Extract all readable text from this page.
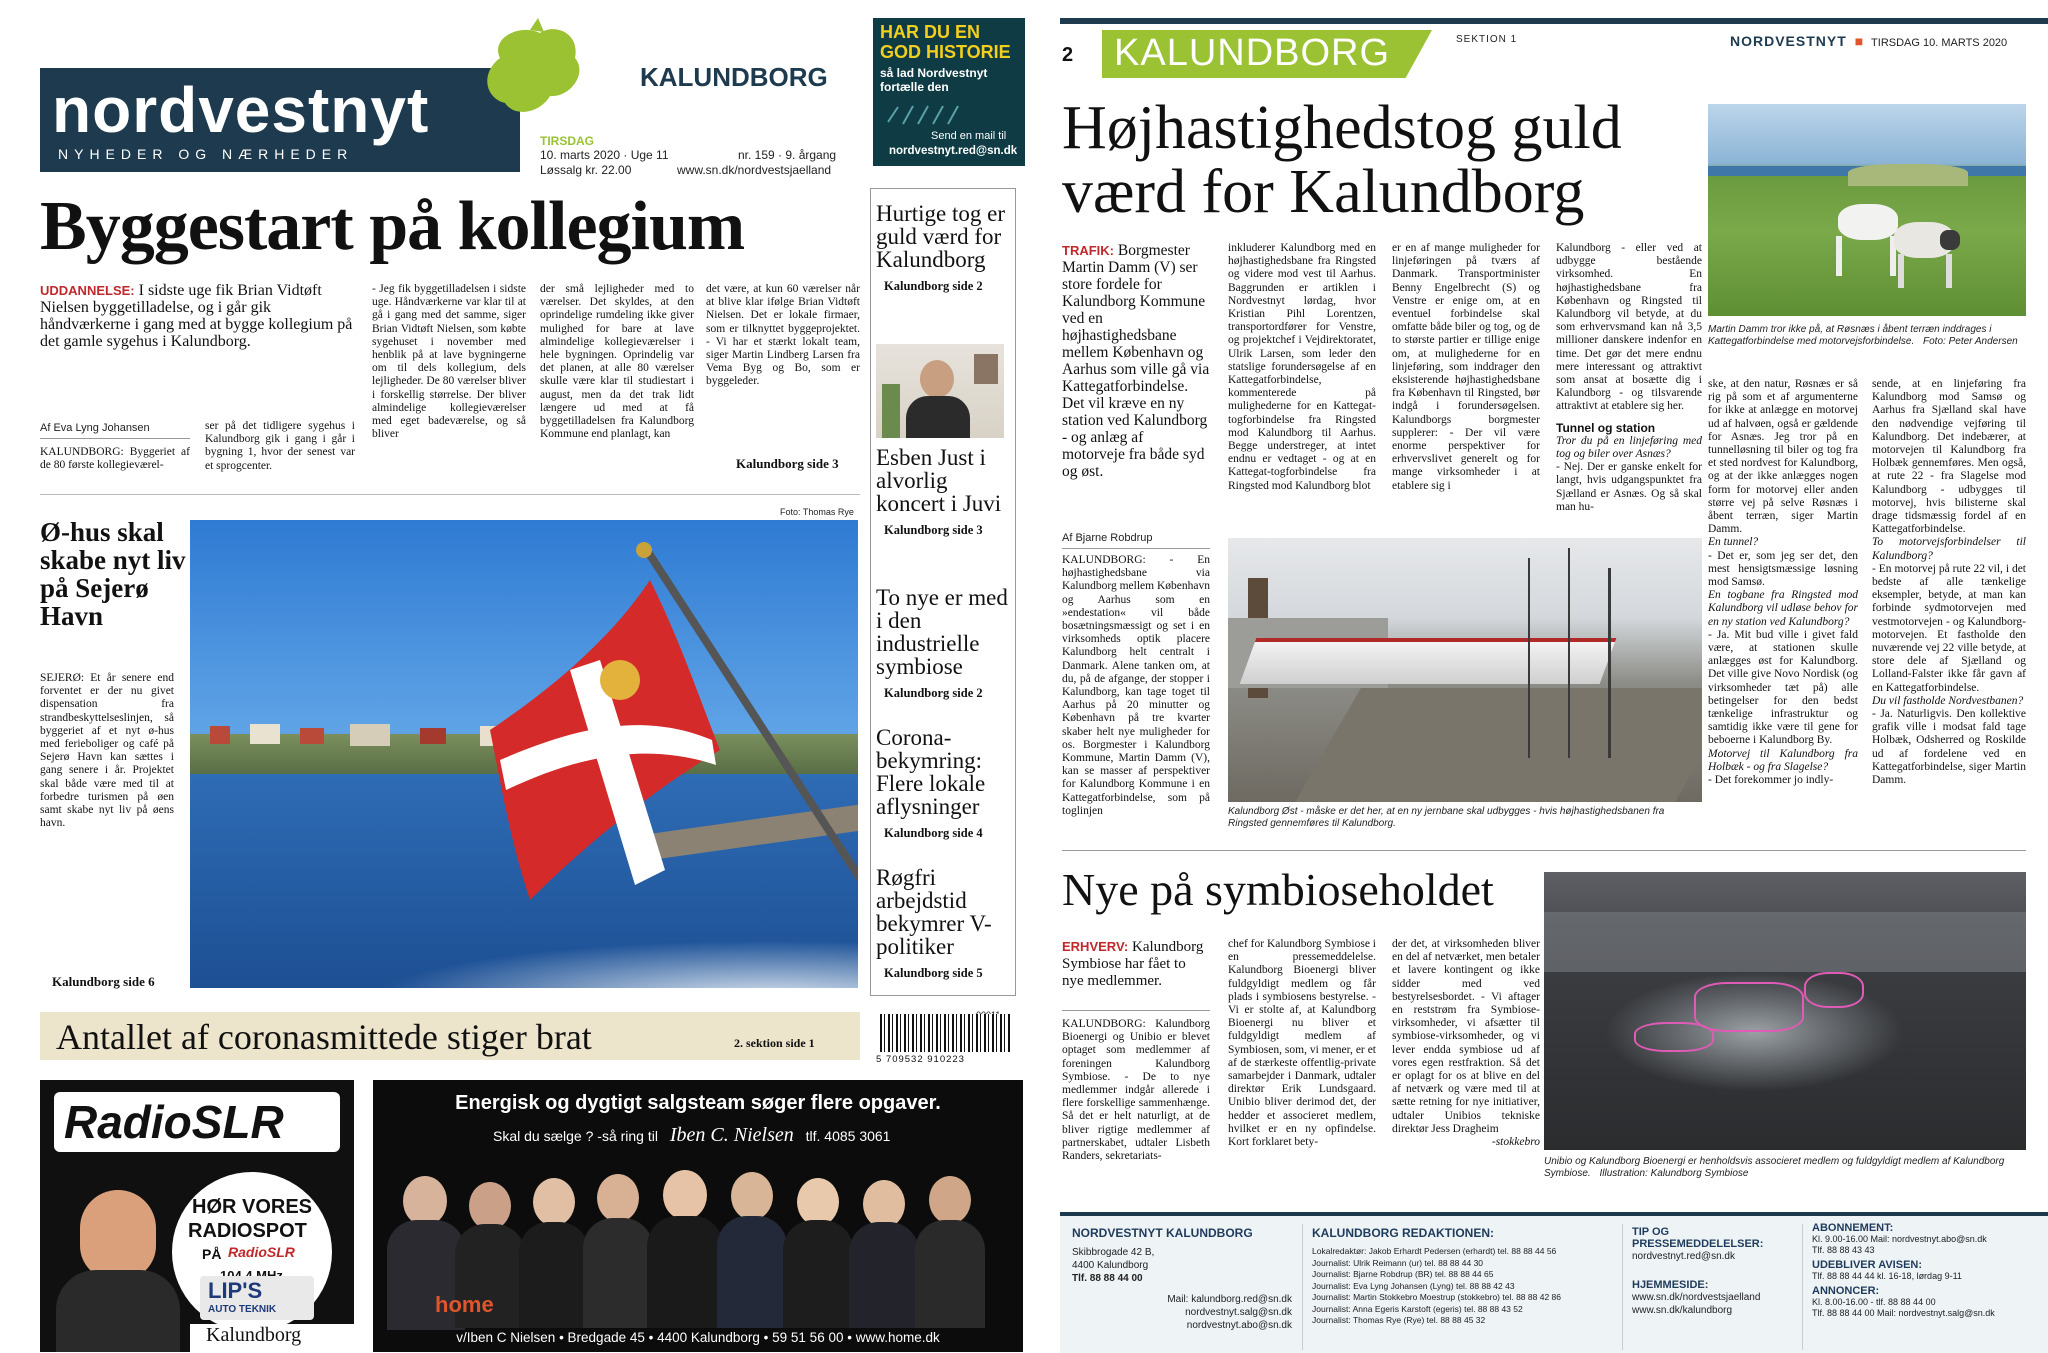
nordvestnyt
NYHEDER OG NÆRHEDER
KALUNDBORG
TIRSDAG
10. marts 2020 · Uge 11	nr. 159 · 9. årgang
Løssalg kr. 22.00	www.sn.dk/nordvestsjaelland
HAR DU EN GOD HISTORIE
så lad Nordvestnyt fortælle den
Send en mail til
nordvestnyt.red@sn.dk
Byggestart på kollegium
UDDANNELSE: I sidste uge fik Brian Vidtøft Nielsen byggetilladelse, og i går gik håndværkerne i gang med at bygge kollegium på det gamle sygehus i Kalundborg.
Af Eva Lyng Johansen
KALUNDBORG: Byggeriet af de 80 første kollegieværel-
ser på det tidligere sygehus i Kalundborg gik i gang i går i bygning 1, hvor der senest var et sprogcenter.
- Jeg fik byggetilladelsen i sidste uge. Håndværkerne var klar til at gå i gang med det samme, siger Brian Vidtøft Nielsen, som købte sygehuset i november med henblik på at lave bygningerne om til dels kollegium, dels lejligheder. De 80 værelser bliver i forskellig størrelse. Der bliver almindelige kollegieværelser med eget badeværelse, og så bliver
der små lejligheder med to værelser. Det skyldes, at den oprindelige rumdeling ikke giver mulighed for bare at lave almindelige kollegieværelser i hele bygningen. Oprindelig var det planen, at alle 80 værelser skulle være klar til studiestart i august, men da det trak lidt længere ud med at få byggetilladelsen fra Kalundborg Kommune end planlagt, kan
det være, at kun 60 værelser når at blive klar ifølge Brian Vidtøft Nielsen. Det er lokale firmaer, som er tilknyttet byggeprojektet. - Vi har et stærkt lokalt team, siger Martin Lindberg Larsen fra Vema Byg og Bo, som er byggeleder.
Kalundborg side 3
Hurtige tog er guld værd for Kalundborg
Kalundborg side 2
Esben Just i alvorlig koncert i Juvi
Kalundborg side 3
To nye er med i den industrielle symbiose
Kalundborg side 2
Corona-bekymring: Flere lokale aflysninger
Kalundborg side 4
Røgfri arbejdstid bekymrer V-politiker
Kalundborg side 5
Ø-hus skal skabe nyt liv på Sejerø Havn
SEJERØ: Et år senere end forventet er der nu givet dispensation fra strandbeskyttelseslinjen, så byggeriet af et nyt ø-hus med ferieboliger og café på Sejerø Havn kan sættes i gang senere i år. Projektet skal både være med til at forbedre turismen på øen samt skabe nyt liv på øens havn.
Kalundborg side 6
Foto: Thomas Rye
Antallet af coronasmittede stiger brat	2. sektion side 1
5 709532 910223
RadioSLR
HØR VORES
RADIOSPOT
PÅ RadioSLR
LIP'S
AUTO TEKNIK
Kalundborg
Energisk og dygtigt salgsteam søger flere opgaver.
Skal du sælge ? -så ring til Iben C. Nielsen tlf. 4085 3061
home
v/Iben C Nielsen • Bredgade 45 • 4400 Kalundborg • 59 51 56 00 • www.home.dk
2 KALUNDBORG	SEKTION 1	NORDVESTNYT ■ TIRSDAG 10. MARTS 2020
Højhastighedstog guld værd for Kalundborg
Martin Damm tror ikke på, at Røsnæs i åbent terræn inddrages i Kattegatforbindelse med motorvejsforbindelse. Foto: Peter Andersen
TRAFIK: Borgmester Martin Damm (V) ser store fordele for Kalundborg Kommune ved en højhastighedsbane mellem København og Aarhus som ville gå via Kattegatforbindelse. Det vil kræve en ny station ved Kalundborg - og anlæg af motorveje fra både syd og øst.
Af Bjarne Robdrup
KALUNDBORG: - En højhastighedsbane via Kalundborg mellem København og Aarhus som en »endestation« vil både bosætningsmæssigt og set i en virksomheds optik placere Kalundborg helt centralt i Danmark. Alene tanken om, at du, på de afgange, der stopper i Kalundborg, kan tage toget til Aarhus på 20 minutter og København på tre kvarter skaber helt nye muligheder for os. Borgmester i Kalundborg Kommune, Martin Damm (V), kan se masser af perspektiver for Kalundborg Kommune i en Kattegatforbindelse, som på toglinjen
inkluderer Kalundborg med en højhastighedsbane fra Ringsted og videre mod vest til Aarhus. Baggrunden er artiklen i Nordvestnyt lørdag, hvor Kristian Pihl Lorentzen, transportordfører for Venstre, og projektchef i Vejdirektoratet, Ulrik Larsen, som leder den statslige forundersøgelse af en Kattegatforbindelse, kommenterede på mulighederne for en Kattegat-togforbindelse fra Ringsted mod Kalundborg til Aarhus. Begge understreger, at intet endnu er vedtaget - og at en Kattegat-togforbindelse fra Ringsted mod Kalundborg blot
er en af mange muligheder for linjeføringen på tværs af Danmark. Transportminister Benny Engelbrecht (S) og Venstre er enige om, at en eventuel forbindelse skal omfatte både biler og tog, og de to største partier er tillige enige om, at mulighederne for en linjeføring, som inddrager den eksisterende højhastighedsbane fra København til Ringsted, bør indgå i forundersøgelsen. Kalundborgs borgmester supplerer: - Der vil være enorme perspektiver for erhvervslivet generelt og for mange virksomheder i at etablere sig i
Kalundborg - eller ved at udbygge bestående virksomhed. En højhastighedsbane fra København og Ringsted til Kalundborg vil betyde, at du som erhvervsmand kan nå 3,5 millioner danskere indenfor en time. Det gør det mere endnu mere interessant og attraktivt som ansat at bosætte dig i Kalundborg - og tilsvarende attraktivt at etablere sig her.
Tunnel og station
Tror du på en linjeføring med tog og biler over Asnæs?
- Nej. Der er ganske enkelt for langt, hvis udgangspunktet fra Sjælland er Asnæs. Og så skal man hu-
Kalundborg Øst - måske er det her, at en ny jernbane skal udbygges - hvis højhastighedsbanen fra Ringsted gennemføres til Kalundborg.
ske, at den natur, Røsnæs er så rig på som et af argumenterne for ikke at anlægge en motorvej ud af halvøen, også er gældende for Asnæs. Jeg tror på en tunnelløsning til biler og tog fra et sted nordvest for Kalundborg, og at der ikke anlægges nogen form for motorvej eller anden større vej på selve Røsnæs i åbent terræn, siger Martin Damm.
En tunnel?
- Det er, som jeg ser det, den mest hensigtsmæssige løsning mod Samsø.
En togbane fra Ringsted mod Kalundborg vil udløse behov for en ny station ved Kalundborg?
- Ja. Mit bud ville i givet fald være, at stationen skulle anlægges øst for Kalundborg. Det ville give Novo Nordisk (og virksomheder tæt på) alle betingelser for den bedst tænkelige infrastruktur og samtidig ikke være til gene for beboerne i Kalundborg By.
Motorvej til Kalundborg fra Holbæk - og fra Slagelse?
- Det forekommer jo indly-
sende, at en linjeføring fra Kalundborg mod Samsø og Aarhus fra Sjælland skal have den nødvendige vejføring til Kalundborg. Det indebærer, at motorvejen til Kalundborg fra Holbæk gennemføres. Men også, at rute 22 - fra Slagelse mod Kalundborg - udbygges til motorvej, hvis bilisterne skal drage tidsmæssig fordel af en Kattegatforbindelse.
To motorvejsforbindelser til Kalundborg?
- En motorvej på rute 22 vil, i det bedste af alle tænkelige eksempler, betyde, at man kan forbinde sydmotorvejen med vestmotorvejen - og Kalundborg-motorvejen. Et fastholde den nuværende vej 22 ville betyde, at store dele af Sjælland og Lolland-Falster ikke får gavn af en Kattegatforbindelse.
Du vil fastholde Nordvestbanen?
- Ja. Naturligvis. Den kollektive grafik ville i modsat fald tage Holbæk, Odsherred og Roskilde ud af fordelene ved en Kattegatforbindelse, siger Martin Damm.
Nye på symbioseholdet
ERHVERV: Kalundborg Symbiose har fået to nye medlemmer.
KALUNDBORG: Kalundborg Bioenergi og Unibio er blevet optaget som medlemmer af foreningen Kalundborg Symbiose. - De to nye medlemmer indgår allerede i flere forskellige sammenhænge. Så det er helt naturligt, at de bliver rigtige medlemmer af partnerskabet, udtaler Lisbeth Randers, sekretariats-
chef for Kalundborg Symbiose i en pressemeddelelse. Kalundborg Bioenergi bliver fuldgyldigt medlem og får plads i symbiosens bestyrelse. - Vi er stolte af, at Kalundborg Bioenergi nu bliver et fuldgyldigt medlem af Symbiosen, som, vi mener, er et af de stærkeste offentlig-private samarbejder i Danmark, udtaler direktør Erik Lundsgaard. Unibio bliver derimod det, der hedder et associeret medlem, hvilket er en ny opfindelse. Kort forklaret bety-
der det, at virksomheden bliver en del af netværket, men betaler et lavere kontingent og ikke sidder med ved bestyrelsesbordet. - Vi aftager en reststrøm fra Symbiose-virksomheder, vi afsætter til symbiose-virksomheder, og vi lever endda symbiose ud af vores egen restfraktion. Så det er oplagt for os at blive en del af netværk og være med til at sætte retning for nye initiativer, udtaler Unibios tekniske direktør Jess Dragheim
-stokkebro
Unibio og Kalundborg Bioenergi er henholdsvis associeret medlem og fuldgyldigt medlem af Kalundborg Symbiose. Illustration: Kalundborg Symbiose
NORDVESTNYT KALUNDBORG
Skibbrogade 42 B,
4400 Kalundborg
Tlf. 88 88 44 00
Mail: kalundborg.red@sn.dk
nordvestnyt.salg@sn.dk
nordvestnyt.abo@sn.dk
KALUNDBORG REDAKTIONEN:
Lokalredaktør: Jakob Erhardt Pedersen (erhardt) tel. 88 88 44 56
Journalist: Ulrik Reimann (ur) tel. 88 88 44 30
Journalist: Bjarne Robdrup (BR) tel. 88 88 44 65
Journalist: Eva Lyng Johansen (Lyng) tel. 88 88 42 43
Journalist: Martin Stokkebro Moestrup (stokkebro) tel. 88 88 42 86
Journalist: Anna Egeris Karstoft (egeris) tel. 88 88 43 52
Journalist: Thomas Rye (Rye) tel. 88 88 45 32
TIP OG PRESSEMEDDELELSER:
nordvestnyt.red@sn.dk
HJEMMESIDE:
www.sn.dk/nordvestsjaelland
www.sn.dk/kalundborg
ABONNEMENT:
Kl. 9.00-16.00 Mail: nordvestnyt.abo@sn.dk
Tlf. 88 88 43 43
UDEBLIVER AVISEN:
Tlf. 88 88 44 44 kl. 16-18, lørdag 9-11
ANNONCER:
Kl. 8.00-16.00 - tlf. 88 88 44 00
Tlf. 88 88 44 00 Mail: nordvestnyt.salg@sn.dk
